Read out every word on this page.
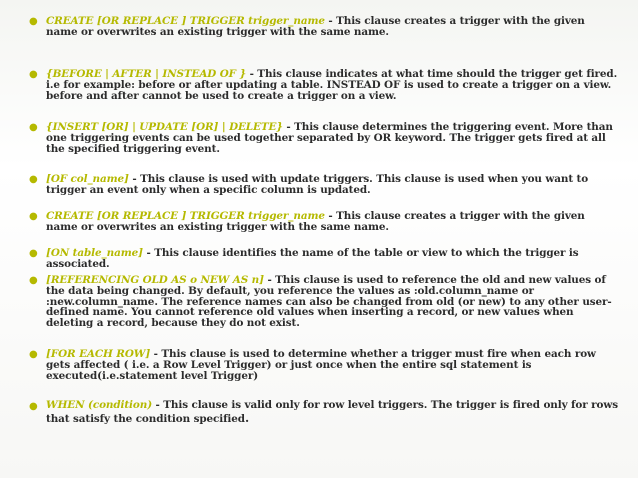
● CREATE [OR REPLACE ] TRIGGER trigger_name - This clause creates a trigger with the given name or overwrites an existing trigger with the same name.
● {BEFORE | AFTER | INSTEAD OF } - This clause indicates at what time should the trigger get fired. i.e for example: before or after updating a table. INSTEAD OF is used to create a trigger on a view. before and after cannot be used to create a trigger on a view.
● {INSERT [OR] | UPDATE [OR] | DELETE} - This clause determines the triggering event. More than one triggering events can be used together separated by OR keyword. The trigger gets fired at all the specified triggering event.
● [OF col_name] - This clause is used with update triggers. This clause is used when you want to trigger an event only when a specific column is updated.
● CREATE [OR REPLACE ] TRIGGER trigger_name - This clause creates a trigger with the given name or overwrites an existing trigger with the same name.
● [ON table_name] - This clause identifies the name of the table or view to which the trigger is associated.
● [REFERENCING OLD AS o NEW AS n] - This clause is used to reference the old and new values of the data being changed. By default, you reference the values as :old.column_name or :new.column_name. The reference names can also be changed from old (or new) to any other user-defined name. You cannot reference old values when inserting a record, or new values when deleting a record, because they do not exist.
● [FOR EACH ROW] - This clause is used to determine whether a trigger must fire when each row gets affected ( i.e. a Row Level Trigger) or just once when the entire sql statement is executed(i.e.statement level Trigger)
● WHEN (condition) - This clause is valid only for row level triggers. The trigger is fired only for rows that satisfy the condition specified.
